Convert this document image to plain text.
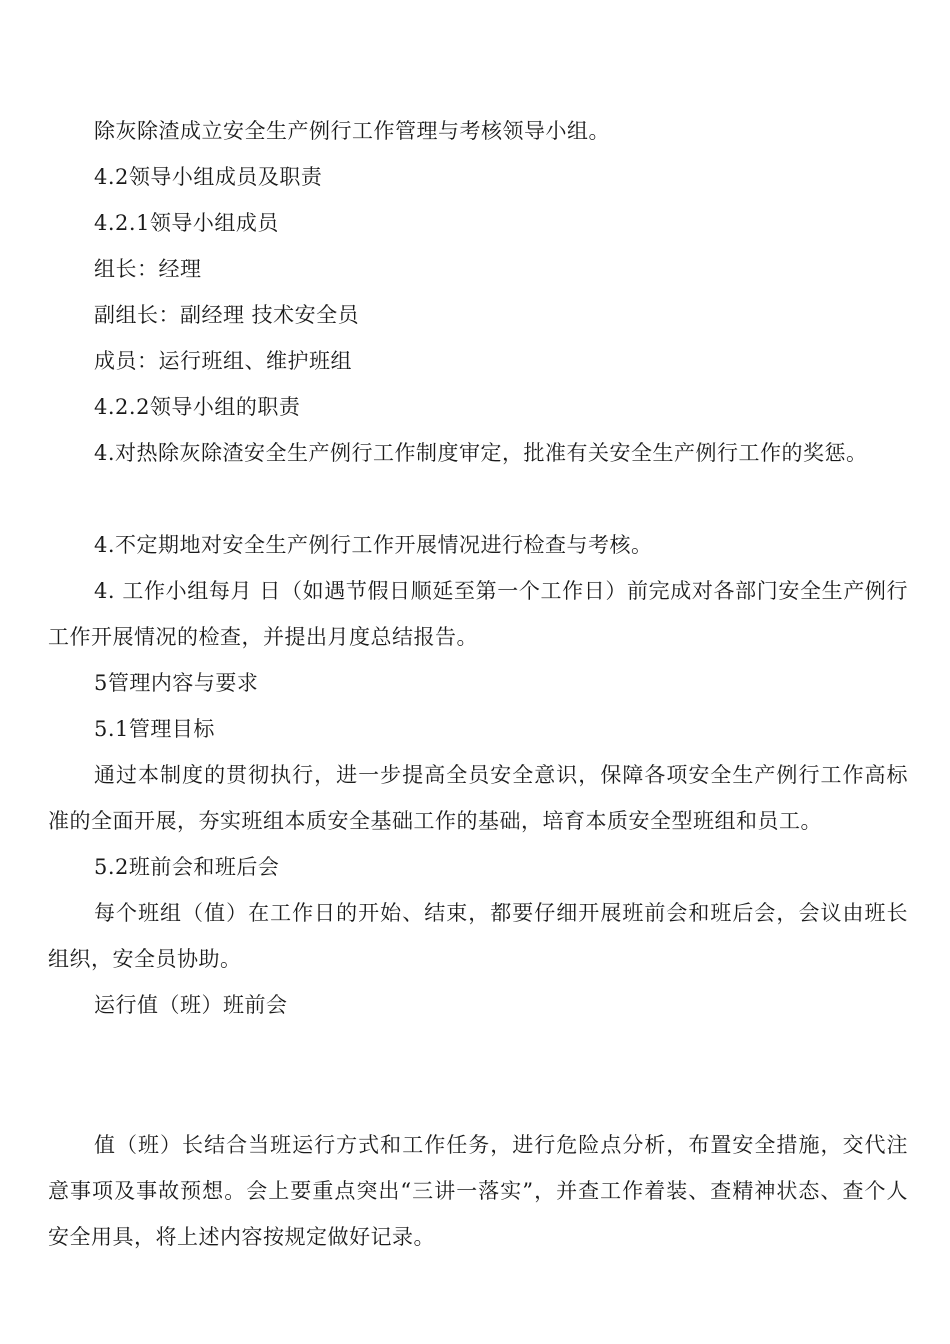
除灰除渣成立安全生产例行工作管理与考核领导小组。
4.2领导小组成员及职责
4.2.1领导小组成员
组长：经理
副组长：副经理 技术安全员
成员：运行班组、维护班组
4.2.2领导小组的职责
4.对热除灰除渣安全生产例行工作制度审定，批准有关安全生产例行工作的奖惩。
4.不定期地对安全生产例行工作开展情况进行检查与考核。
4. 工作小组每月 日（如遇节假日顺延至第一个工作日）前完成对各部门安全生产例行工作开展情况的检查，并提出月度总结报告。
5管理内容与要求
5.1管理目标
通过本制度的贯彻执行，进一步提高全员安全意识，保障各项安全生产例行工作高标准的全面开展，夯实班组本质安全基础工作的基础，培育本质安全型班组和员工。
5.2班前会和班后会
每个班组（值）在工作日的开始、结束，都要仔细开展班前会和班后会，会议由班长组织，安全员协助。
运行值（班）班前会
值（班）长结合当班运行方式和工作任务，进行危险点分析，布置安全措施，交代注意事项及事故预想。会上要重点突出“三讲一落实”，并查工作着装、查精神状态、查个人安全用具，将上述内容按规定做好记录。
